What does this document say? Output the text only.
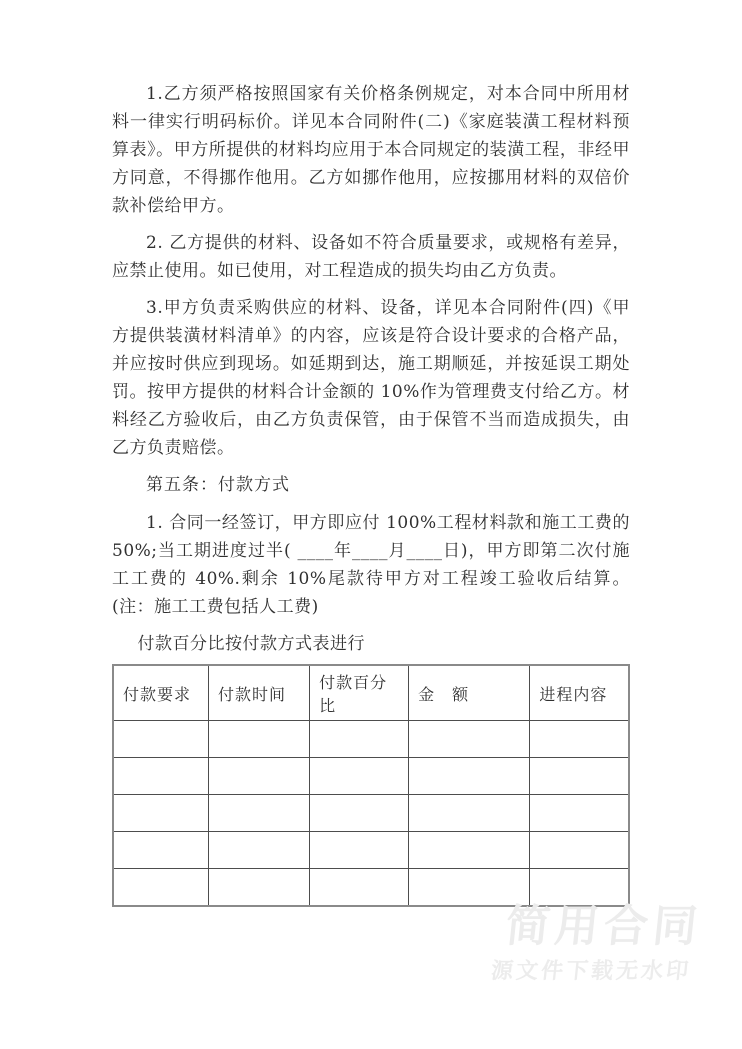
1.乙方须严格按照国家有关价格条例规定，对本合同中所用材料一律实行明码标价。详见本合同附件(二)《家庭装潢工程材料预算表》。甲方所提供的材料均应用于本合同规定的装潢工程，非经甲方同意，不得挪作他用。乙方如挪作他用，应按挪用材料的双倍价款补偿给甲方。

2. 乙方提供的材料、设备如不符合质量要求，或规格有差异，应禁止使用。如已使用，对工程造成的损失均由乙方负责。

3.甲方负责采购供应的材料、设备，详见本合同附件(四)《甲方提供装潢材料清单》的内容，应该是符合设计要求的合格产品，并应按时供应到现场。如延期到达，施工期顺延，并按延误工期处罚。按甲方提供的材料合计金额的 10%作为管理费支付给乙方。材料经乙方验收后，由乙方负责保管，由于保管不当而造成损失，由乙方负责赔偿。

第五条：付款方式

1. 合同一经签订，甲方即应付 100%工程材料款和施工工费的50%;当工期进度过半( ____年____月____日)，甲方即第二次付施工工费的 40%.剩余 10%尾款待甲方对工程竣工验收后结算。(注：施工工费包括人工费)

付款百分比按付款方式表进行

付款要求	付款时间	付款百分比	金　额	进程内容

简用合同
源文件下载无水印
